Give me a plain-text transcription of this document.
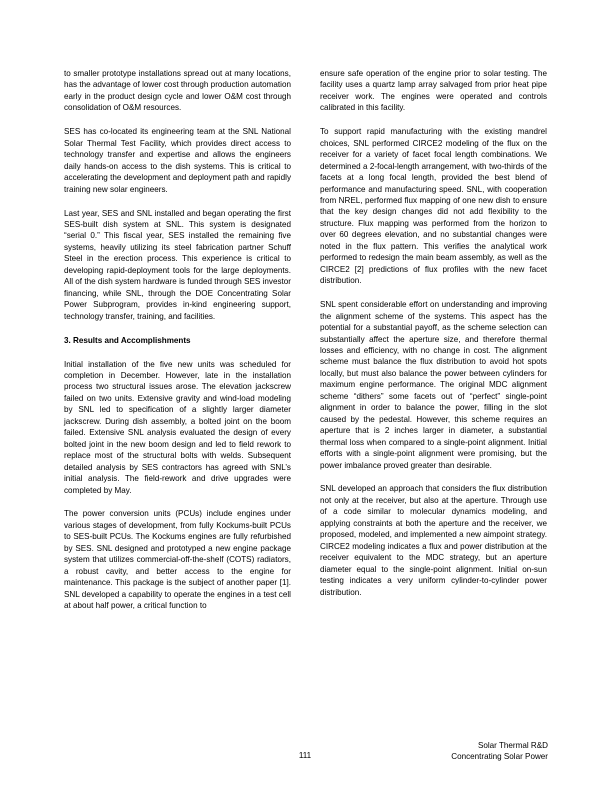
to smaller prototype installations spread out at many locations, has the advantage of lower cost through production automation early in the product design cycle and lower O&M cost through consolidation of O&M resources.

SES has co-located its engineering team at the SNL National Solar Thermal Test Facility, which provides direct access to technology transfer and expertise and allows the engineers daily hands-on access to the dish systems. This is critical to accelerating the development and deployment path and rapidly training new solar engineers.

Last year, SES and SNL installed and began operating the first SES-built dish system at SNL. This system is designated “serial 0.” This fiscal year, SES installed the remaining five systems, heavily utilizing its steel fabrication partner Schuff Steel in the erection process. This experience is critical to developing rapid-deployment tools for the large deployments. All of the dish system hardware is funded through SES investor financing, while SNL, through the DOE Concentrating Solar Power Subprogram, provides in-kind engineering support, technology transfer, training, and facilities.

3. Results and Accomplishments

Initial installation of the five new units was scheduled for completion in December. However, late in the installation process two structural issues arose. The elevation jackscrew failed on two units. Extensive gravity and wind-load modeling by SNL led to specification of a slightly larger diameter jackscrew. During dish assembly, a bolted joint on the boom failed. Extensive SNL analysis evaluated the design of every bolted joint in the new boom design and led to field rework to replace most of the structural bolts with welds. Subsequent detailed analysis by SES contractors has agreed with SNL’s initial analysis. The field-rework and drive upgrades were completed by May.

The power conversion units (PCUs) include engines under various stages of development, from fully Kockums-built PCUs to SES-built PCUs. The Kockums engines are fully refurbished by SES. SNL designed and prototyped a new engine package system that utilizes commercial-off-the-shelf (COTS) radiators, a robust cavity, and better access to the engine for maintenance. This package is the subject of another paper [1]. SNL developed a capability to operate the engines in a test cell at about half power, a critical function to

ensure safe operation of the engine prior to solar testing. The facility uses a quartz lamp array salvaged from prior heat pipe receiver work. The engines were operated and controls calibrated in this facility.

To support rapid manufacturing with the existing mandrel choices, SNL performed CIRCE2 modeling of the flux on the receiver for a variety of facet focal length combinations. We determined a 2-focal-length arrangement, with two-thirds of the facets at a long focal length, provided the best blend of performance and manufacturing speed. SNL, with cooperation from NREL, performed flux mapping of one new dish to ensure that the key design changes did not add flexibility to the structure. Flux mapping was performed from the horizon to over 60 degrees elevation, and no substantial changes were noted in the flux pattern. This verifies the analytical work performed to redesign the main beam assembly, as well as the CIRCE2 [2] predictions of flux profiles with the new facet distribution.

SNL spent considerable effort on understanding and improving the alignment scheme of the systems. This aspect has the potential for a substantial payoff, as the scheme selection can substantially affect the aperture size, and therefore thermal losses and efficiency, with no change in cost. The alignment scheme must balance the flux distribution to avoid hot spots locally, but must also balance the power between cylinders for maximum engine performance. The original MDC alignment scheme “dithers” some facets out of “perfect” single-point alignment in order to balance the power, filling in the slot caused by the pedestal. However, this scheme requires an aperture that is 2 inches larger in diameter, a substantial thermal loss when compared to a single-point alignment. Initial efforts with a single-point alignment were promising, but the power imbalance proved greater than desirable.

SNL developed an approach that considers the flux distribution not only at the receiver, but also at the aperture. Through use of a code similar to molecular dynamics modeling, and applying constraints at both the aperture and the receiver, we proposed, modeled, and implemented a new aimpoint strategy. CIRCE2 modeling indicates a flux and power distribution at the receiver equivalent to the MDC strategy, but an aperture diameter equal to the single-point alignment. Initial on-sun testing indicates a very uniform cylinder-to-cylinder power distribution.

111
Solar Thermal R&D
Concentrating Solar Power
